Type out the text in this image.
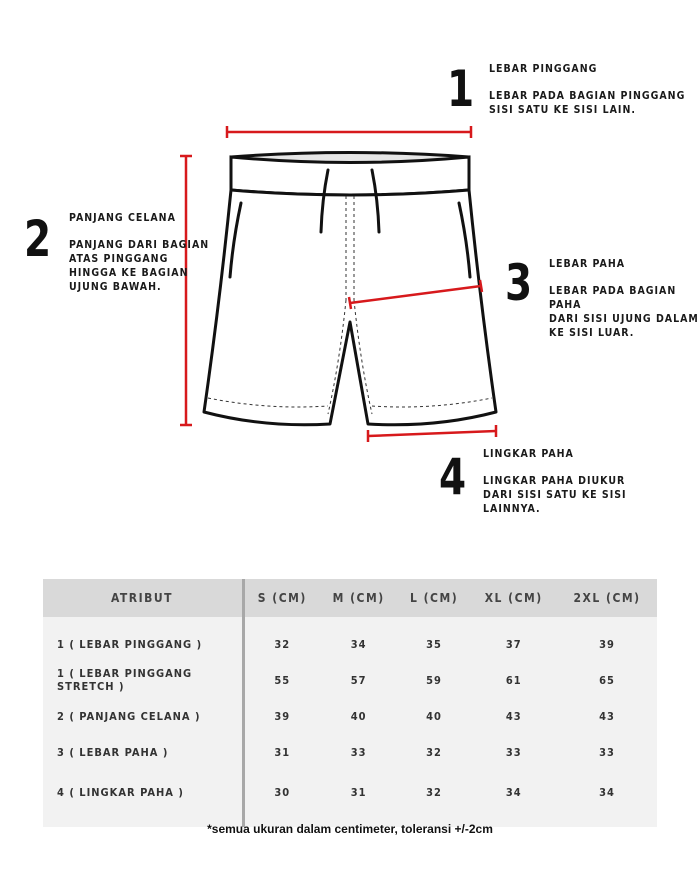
1 LEBAR PINGGANG
LEBAR PADA BAGIAN PINGGANG
SISI SATU KE SISI LAIN.
2 PANJANG CELANA
PANJANG DARI BAGIAN
ATAS PINGGANG
HINGGA KE BAGIAN
UJUNG BAWAH.	3 LEBAR PAHA
LEBAR PADA BAGIAN PAHA
DARI SISI UJUNG DALAM
KE SISI LUAR.
4 LINGKAR PAHA
LINGKAR PAHA DIUKUR
DARI SISI SATU KE SISI
LAINNYA.
ATRIBUT	S (CM)	M (CM)	L (CM)	XL (CM)	2XL (CM)
1 ( LEBAR PINGGANG )	32	34	35	37	39
1 ( LEBAR PINGGANG STRETCH )	55	57	59	61	65
2 ( PANJANG CELANA )	39	40	40	43	43
3 ( LEBAR PAHA )	31	33	32	33	33
4 ( LINGKAR PAHA )	30	31	32	34	34
*semua ukuran dalam centimeter, toleransi +/-2cm
